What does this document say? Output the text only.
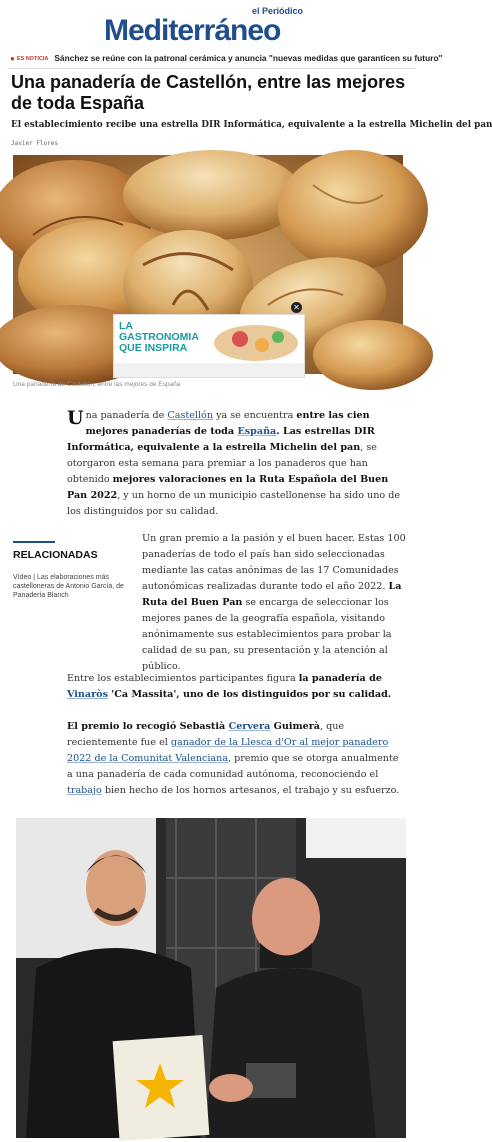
el Periódico
Mediterráneo
● ES NOTICIA Sánchez se reúne con la patronal cerámica y anuncia "nuevas medidas que garanticen su futuro"
Una panadería de Castellón, entre las mejores de toda España

El establecimiento recibe una estrella DIR Informática, equivalente a la estrella Michelin del pan

Javier Flores
LA GASTRONOMIA QUE INSPIRA
✕
Una panadería de Castellón, entre las mejores de España

Una panadería de Castellón ya se encuentra entre las cien mejores panaderías de toda España. Las estrellas DIR Informática, equivalente a la estrella Michelin del pan, se otorgaron esta semana para premiar a los panaderos que han obtenido mejores valoraciones en la Ruta Española del Buen Pan 2022, y un horno de un municipio castellonense ha sido uno de los distinguidos por su calidad.

RELACIONADAS
Vídeo | Las elaboraciones más castelloneras de Antonio García, de Panadería Blanch

Un gran premio a la pasión y el buen hacer. Estas 100 panaderías de todo el país han sido seleccionadas mediante las catas anónimas de las 17 Comunidades autonómicas realizadas durante todo el año 2022. La Ruta del Buen Pan se encarga de seleccionar los mejores panes de la geografía española, visitando anónimamente sus establecimientos para probar la calidad de su pan, su presentación y la atención al público.

Entre los establecimientos participantes figura la panadería de Vinaròs 'Ca Massita', uno de los distinguidos por su calidad.

El premio lo recogió Sebastià Cervera Guimerà, que recientemente fue el ganador de la Llesca d'Or al mejor panadero 2022 de la Comunitat Valenciana, premio que se otorga anualmente a una panadería de cada comunidad autónoma, reconociendo el trabajo bien hecho de los hornos artesanos, el trabajo y su esfuerzo.
